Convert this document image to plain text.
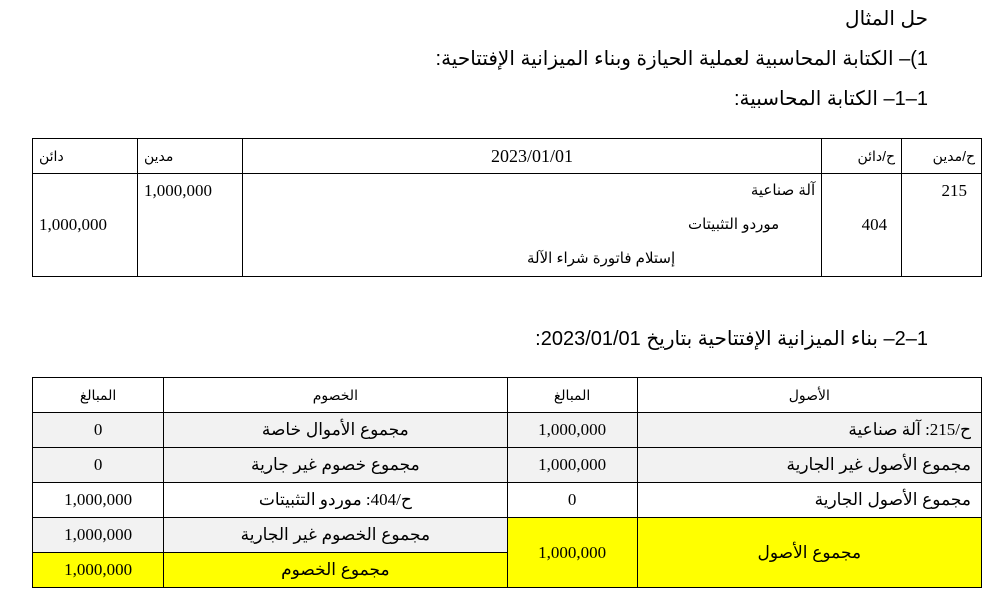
حل المثال
1)– الكتابة المحاسبية لعملية الحيازة وبناء الميزانية الإفتتاحية:
1–1– الكتابة المحاسبية:
ح/مدين	ح/دائن	2023/01/01	مدين	دائن

215	404	آلة صناعية
موردو التثبيتات
إستلام فاتورة شراء الآلة	1,000,000	1,000,000
1–2– بناء الميزانية الإفتتاحية بتاريخ 2023/01/01:
الأصول	المبالغ	الخصوم	المبالغ
ح/215: آلة صناعية	1,000,000	مجموع الأموال خاصة	0
مجموع الأصول غير الجارية	1,000,000	مجموع خصوم غير جارية	0
مجموع الأصول الجارية	0	ح/404: موردو التثبيتات	1,000,000
مجموع الأصول	1,000,000	مجموع الخصوم غير الجارية	1,000,000
		مجموع الخصوم	1,000,000
